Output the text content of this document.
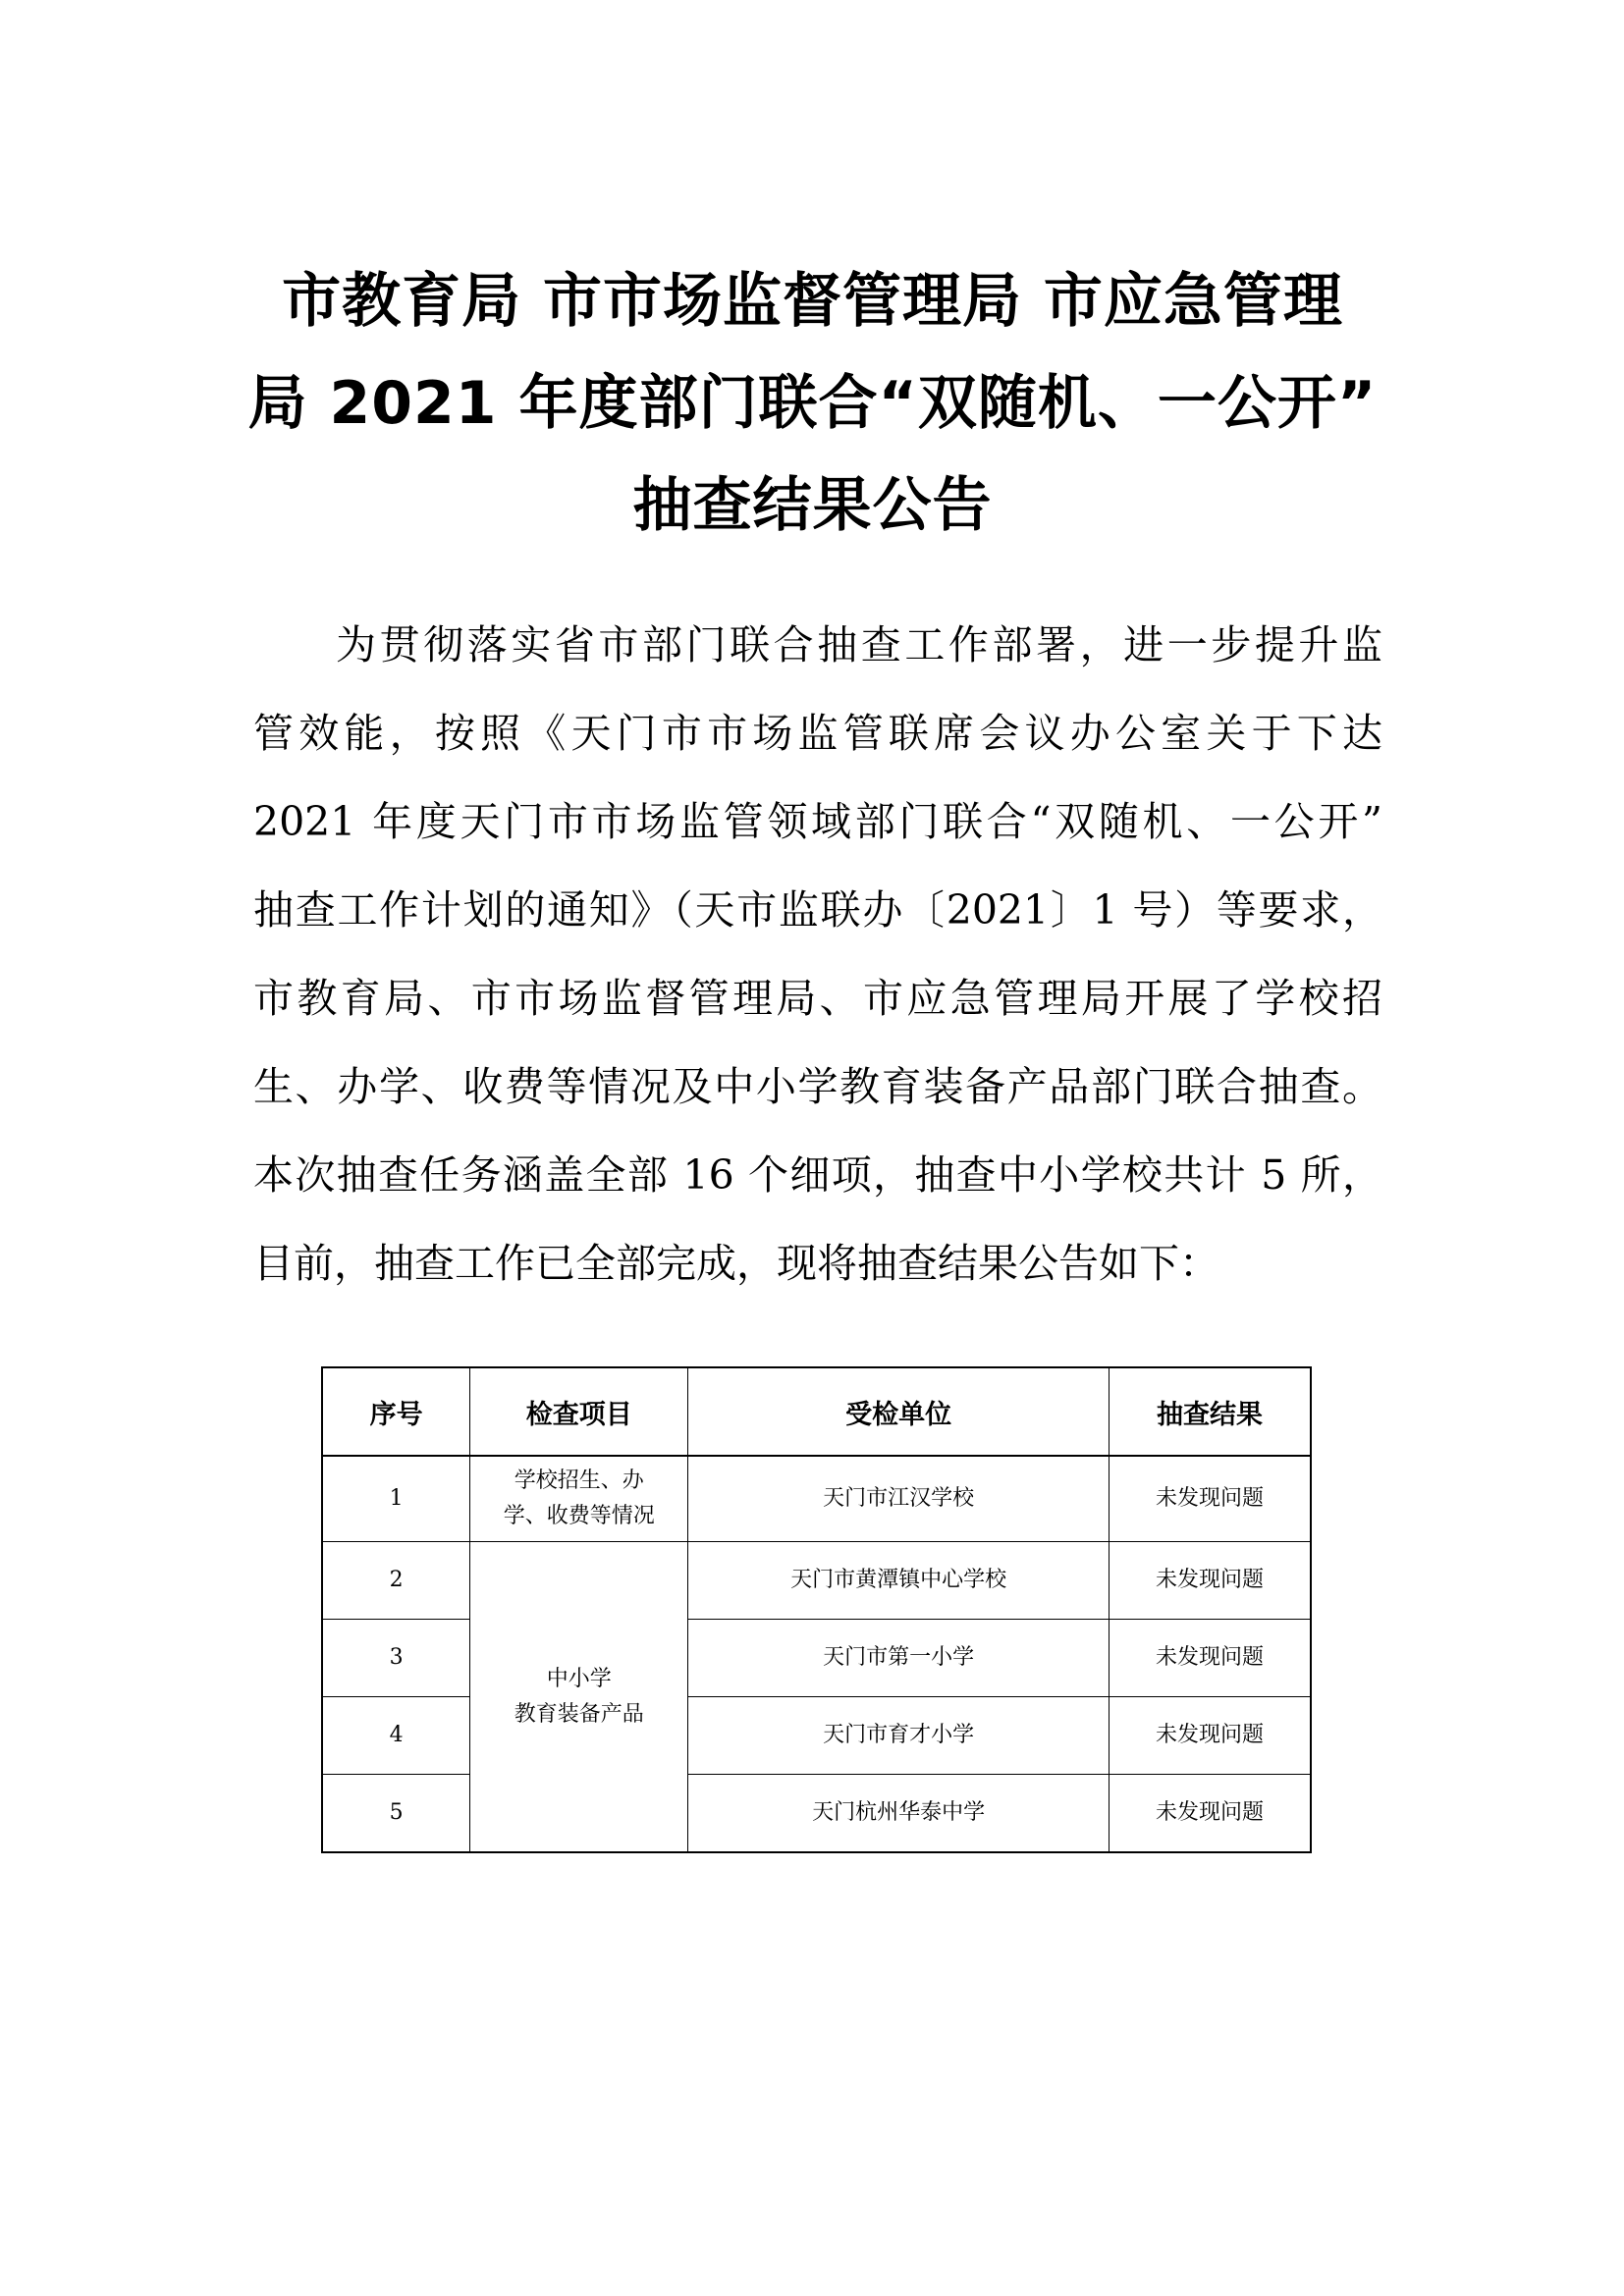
市教育局 市市场监督管理局 市应急管理
局 2021 年度部门联合“双随机、一公开”
抽查结果公告
为贯彻落实省市部门联合抽查工作部署，进一步提升监
管效能，按照《天门市市场监管联席会议办公室关于下达
2021 年度天门市市场监管领域部门联合“双随机、一公开”
抽查工作计划的通知》（天市监联办〔2021〕1 号）等要求，
市教育局、市市场监督管理局、市应急管理局开展了学校招
生、办学、收费等情况及中小学教育装备产品部门联合抽查。
本次抽查任务涵盖全部 16 个细项，抽查中小学校共计 5 所，
目前，抽查工作已全部完成，现将抽查结果公告如下：
序号	检查项目	受检单位	抽查结果
1	学校招生、办
学、收费等情况	天门市江汉学校	未发现问题
2	中小学
教育装备产品	天门市黄潭镇中心学校	未发现问题
3		天门市第一小学	未发现问题
4		天门市育才小学	未发现问题
5		天门杭州华泰中学	未发现问题
